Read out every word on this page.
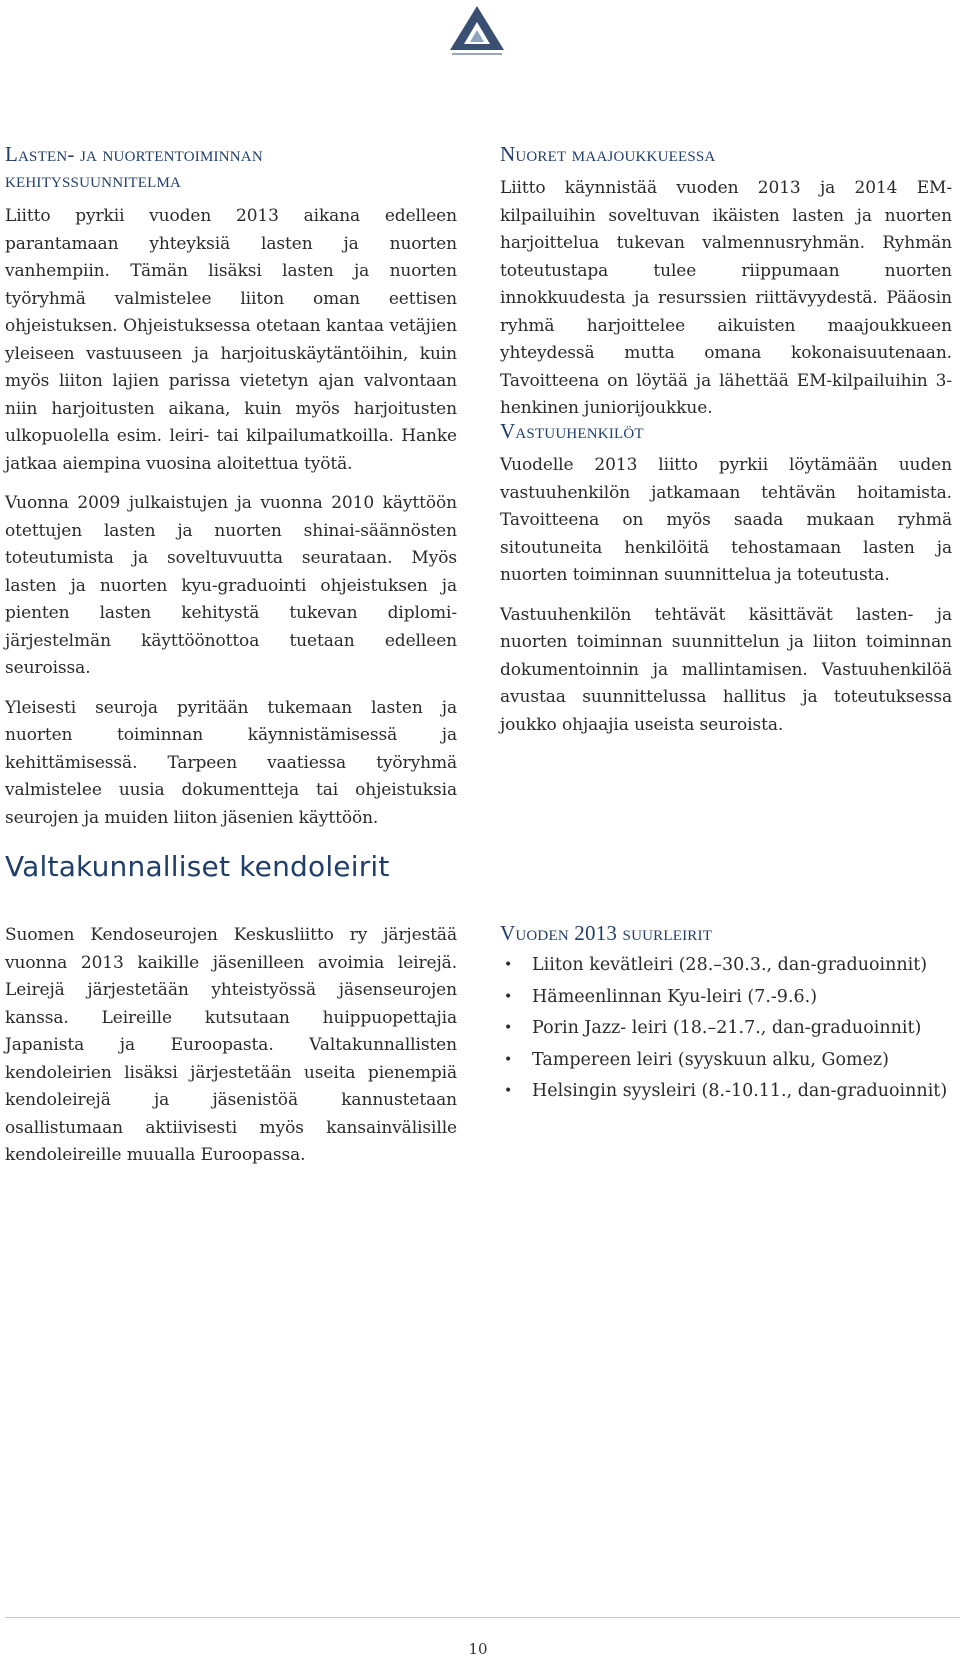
Lasten- ja nuortentoiminnan
kehityssuunnitelma

Liitto pyrkii vuoden 2013 aikana edelleen parantamaan yhteyksiä lasten ja nuorten vanhempiin. Tämän lisäksi lasten ja nuorten työryhmä valmistelee liiton oman eettisen ohjeistuksen. Ohjeistuksessa otetaan kantaa vetäjien yleiseen vastuuseen ja harjoituskäytäntöihin, kuin myös liiton lajien parissa vietetyn ajan valvontaan niin harjoitusten aikana, kuin myös harjoitusten ulkopuolella esim. leiri- tai kilpailumatkoilla. Hanke jatkaa aiempina vuosina aloitettua työtä.

Vuonna 2009 julkaistujen ja vuonna 2010 käyttöön otettujen lasten ja nuorten shinai-säännösten toteutumista ja soveltuvuutta seurataan. Myös lasten ja nuorten kyu-graduointi ohjeistuksen ja pienten lasten kehitystä tukevan diplomi-järjestelmän käyttöönottoa tuetaan edelleen seuroissa.

Yleisesti seuroja pyritään tukemaan lasten ja nuorten toiminnan käynnistämisessä ja kehittämisessä. Tarpeen vaatiessa työryhmä valmistelee uusia dokumentteja tai ohjeistuksia seurojen ja muiden liiton jäsenien käyttöön.

Nuoret maajoukkueessa

Liitto käynnistää vuoden 2013 ja 2014 EM-kilpailuihin soveltuvan ikäisten lasten ja nuorten harjoittelua tukevan valmennusryhmän. Ryhmän toteutustapa tulee riippumaan nuorten innokkuudesta ja resurssien riittävyydestä. Pääosin ryhmä harjoittelee aikuisten maajoukkueen yhteydessä mutta omana kokonaisuutenaan. Tavoitteena on löytää ja lähettää EM-kilpailuihin 3-henkinen juniorijoukkue.

Vastuuhenkilöt

Vuodelle 2013 liitto pyrkii löytämään uuden vastuuhenkilön jatkamaan tehtävän hoitamista. Tavoitteena on myös saada mukaan ryhmä sitoutuneita henkilöitä tehostamaan lasten ja nuorten toiminnan suunnittelua ja toteutusta.

Vastuuhenkilön tehtävät käsittävät lasten- ja nuorten toiminnan suunnittelun ja liiton toiminnan dokumentoinnin ja mallintamisen. Vastuuhenkilöä avustaa suunnittelussa hallitus ja toteutuksessa joukko ohjaajia useista seuroista.

Valtakunnalliset kendoleirit

Suomen Kendoseurojen Keskusliitto ry järjestää vuonna 2013 kaikille jäsenilleen avoimia leirejä. Leirejä järjestetään yhteistyössä jäsenseurojen kanssa. Leireille kutsutaan huippuopettajia Japanista ja Euroopasta. Valtakunnallisten kendoleirien lisäksi järjestetään useita pienempiä kendoleirejä ja jäsenistöä kannustetaan osallistumaan aktiivisesti myös kansainvälisille kendoleireille muualla Euroopassa.

Vuoden 2013 suurleirit
• Liiton kevätleiri (28.–30.3., dan-graduoinnit)
• Hämeenlinnan Kyu-leiri (7.-9.6.)
• Porin Jazz- leiri (18.–21.7., dan-graduoinnit)
• Tampereen leiri (syyskuun alku, Gomez)
• Helsingin syysleiri (8.-10.11., dan-graduoinnit)
10
